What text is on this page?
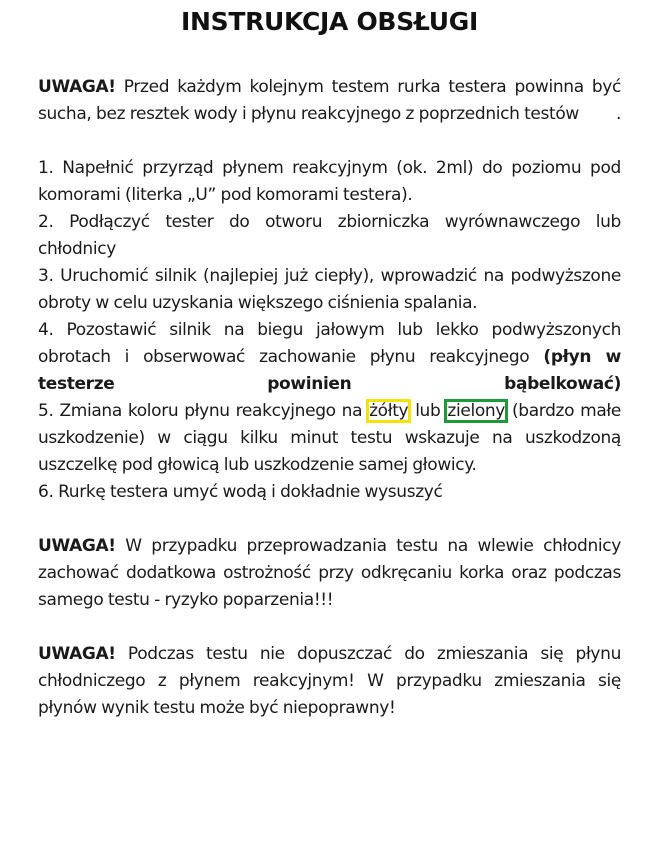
INSTRUKCJA OBSŁUGI

UWAGA! Przed każdym kolejnym testem rurka testera powinna być sucha, bez resztek wody i płynu reakcyjnego z poprzednich testów .

1. Napełnić przyrząd płynem reakcyjnym (ok. 2ml) do poziomu pod komorami (literka „U” pod komorami testera).

2. Podłączyć tester do otworu zbiorniczka wyrównawczego lub chłodnicy

3. Uruchomić silnik (najlepiej już ciepły), wprowadzić na podwyższone obroty w celu uzyskania większego ciśnienia spalania.

4. Pozostawić silnik na biegu jałowym lub lekko podwyższonych obrotach i obserwować zachowanie płynu reakcyjnego (płyn w testerze powinien bąbelkować)

5. Zmiana koloru płynu reakcyjnego na żółty lub zielony (bardzo małe uszkodzenie) w ciągu kilku minut testu wskazuje na uszkodzoną uszczelkę pod głowicą lub uszkodzenie samej głowicy.

6. Rurkę testera umyć wodą i dokładnie wysuszyć

UWAGA! W przypadku przeprowadzania testu na wlewie chłodnicy zachować dodatkowa ostrożność przy odkręcaniu korka oraz podczas samego testu - ryzyko poparzenia!!!

UWAGA! Podczas testu nie dopuszczać do zmieszania się płynu chłodniczego z płynem reakcyjnym! W przypadku zmieszania się płynów wynik testu może być niepoprawny!
